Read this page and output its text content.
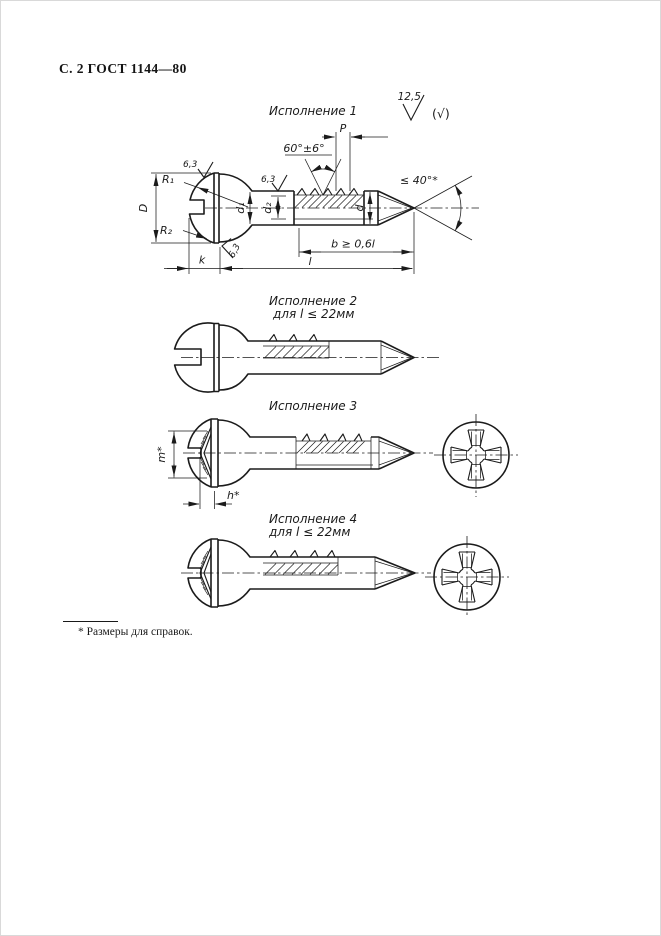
С. 2 ГОСТ 1144—80
12,5
(√)
Исполнение 1
≤ 40°*
60°±6°
P
6,3
6,3
6,3
D
R₁
R₂
d₁ d₂	d
k
b ≥ 0,6l
l
Исполнение 2
для l ≤ 22мм
Исполнение 3
m*
h*
Исполнение 4
для l ≤ 22мм
* Размеры для справок.
